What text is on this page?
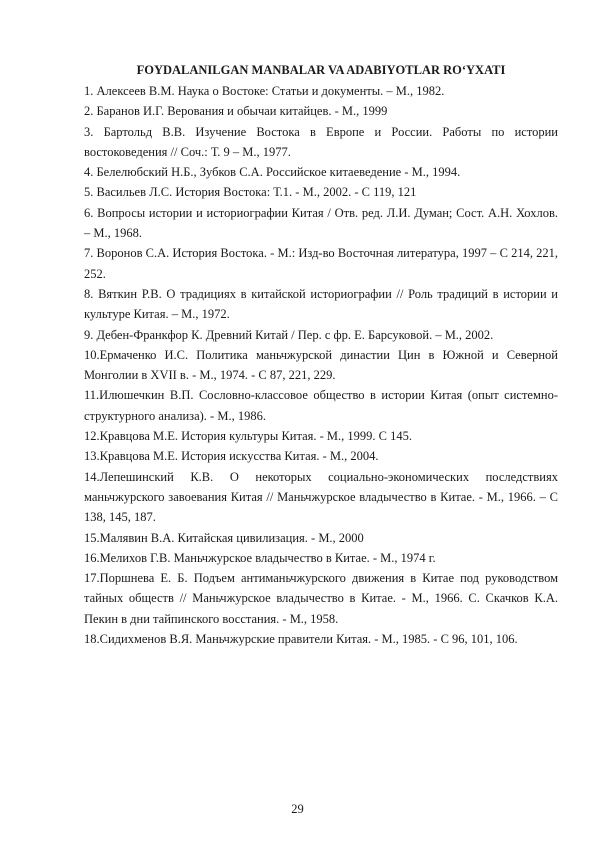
FOYDALANILGAN MANBALAR VA ADABIYOTLAR RO‘YXATI
1. Алексеев В.М. Наука о Востоке: Статьи и документы. – М., 1982.
2. Баранов И.Г. Верования и обычаи китайцев. - М., 1999
3. Бартольд В.В. Изучение Востока в Европе и России. Работы по истории востоковедения // Соч.: Т. 9 – М., 1977.
4. Белелюбский Н.Б., Зубков С.А. Российское китаеведение - М., 1994.
5. Васильев Л.С. История Востока: Т.1. - М., 2002. - С 119, 121
6. Вопросы истории и историографии Китая / Отв. ред. Л.И. Думан; Сост. А.Н. Хохлов. – М., 1968.
7. Воронов С.А. История Востока. - М.: Изд-во Восточная литература, 1997 – С 214, 221, 252.
8. Вяткин Р.В. О традициях в китайской историографии // Роль традиций в истории и культуре Китая. – М., 1972.
9. Дебен-Франкфор К. Древний Китай / Пер. с фр. Е. Барсуковой. – М., 2002.
10.Ермаченко И.С. Политика маньчжурской династии Цин в Южной и Северной Монголии в XVII в. - М., 1974. - С 87, 221, 229.
11.Илюшечкин В.П. Сословно-классовое общество в истории Китая (опыт системно-структурного анализа). - М., 1986.
12.Кравцова М.Е. История культуры Китая. - М., 1999. С 145.
13.Кравцова М.Е. История искусства Китая. - М., 2004.
14.Лепешинский К.В. О некоторых социально-экономических последствиях маньчжурского завоевания Китая // Маньчжурское владычество в Китае. - М., 1966. – С 138, 145, 187.
15.Малявин В.А. Китайская цивилизация. - М., 2000
16.Мелихов Г.В. Маньчжурское владычество в Китае. - М., 1974 г.
17.Поршнева Е. Б. Подъем антиманьчжурского движения в Китае под руководством тайных обществ // Маньчжурское владычество в Китае. - М., 1966. С. Скачков К.А. Пекин в дни тайпинского восстания. - М., 1958.
18.Сидихменов В.Я. Маньчжурские правители Китая. - М., 1985. - С 96, 101, 106.
29
